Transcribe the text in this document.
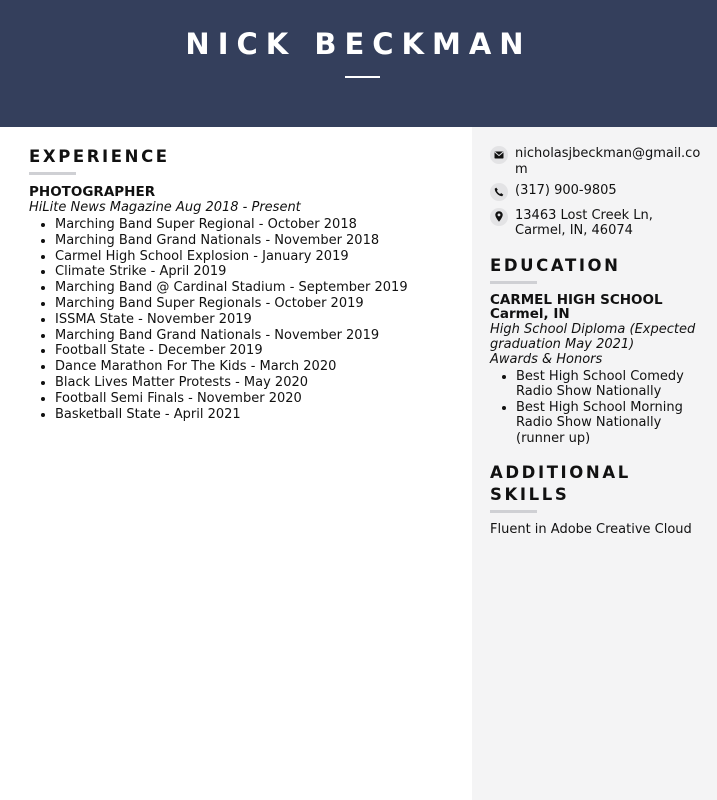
NICK BECKMAN
EXPERIENCE
PHOTOGRAPHER
HiLite News Magazine Aug 2018 - Present
• Marching Band Super Regional - October 2018
• Marching Band Grand Nationals - November 2018
• Carmel High School Explosion - January 2019
• Climate Strike - April 2019
• Marching Band @ Cardinal Stadium - September 2019
• Marching Band Super Regionals - October 2019
• ISSMA State - November 2019
• Marching Band Grand Nationals - November 2019
• Football State - December 2019
• Dance Marathon For The Kids - March 2020
• Black Lives Matter Protests - May 2020
• Football Semi Finals - November 2020
• Basketball State - April 2021
nicholasjbeckman@gmail.com
(317) 900-9805
13463 Lost Creek Ln, Carmel, IN, 46074
EDUCATION
CARMEL HIGH SCHOOL Carmel, IN
High School Diploma (Expected graduation May 2021)
Awards & Honors
• Best High School Comedy Radio Show Nationally
• Best High School Morning Radio Show Nationally (runner up)
ADDITIONAL SKILLS
Fluent in Adobe Creative Cloud
